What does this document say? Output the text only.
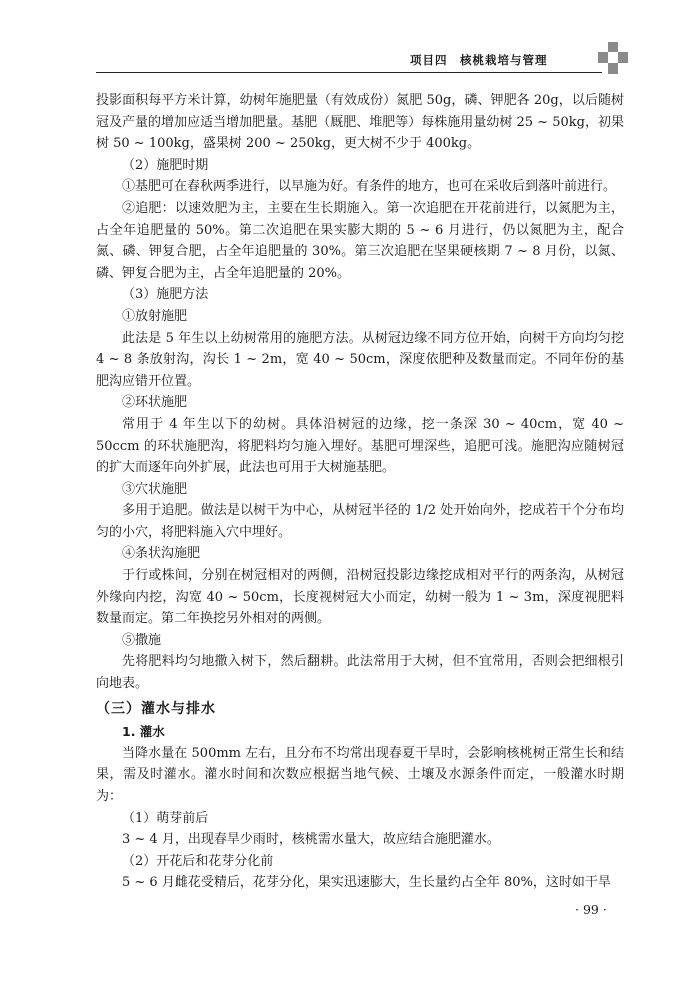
项目四　核桃栽培与管理

投影面积每平方米计算，幼树年施肥量（有效成份）氮肥 50g，磷、钾肥各 20g，以后随树冠及产量的增加应适当增加肥量。基肥（厩肥、堆肥等）每株施用量幼树 25 ~ 50kg，初果树 50 ~ 100kg，盛果树 200 ~ 250kg，更大树不少于 400kg。

（2）施肥时期

①基肥可在春秋两季进行，以早施为好。有条件的地方，也可在采收后到落叶前进行。

②追肥：以速效肥为主，主要在生长期施入。第一次追肥在开花前进行，以氮肥为主，占全年追肥量的 50%。第二次追肥在果实膨大期的 5 ~ 6 月进行，仍以氮肥为主，配合氮、磷、钾复合肥，占全年追肥量的 30%。第三次追肥在坚果硬核期 7 ~ 8 月份，以氮、磷、钾复合肥为主，占全年追肥量的 20%。

（3）施肥方法

①放射施肥

此法是 5 年生以上幼树常用的施肥方法。从树冠边缘不同方位开始，向树干方向均匀挖 4 ~ 8 条放射沟，沟长 1 ~ 2m，宽 40 ~ 50cm，深度依肥种及数量而定。不同年份的基肥沟应错开位置。

②环状施肥

常用于 4 年生以下的幼树。具体沿树冠的边缘，挖一条深 30 ~ 40cm，宽 40 ~ 50ccm 的环状施肥沟，将肥料均匀施入埋好。基肥可埋深些，追肥可浅。施肥沟应随树冠的扩大而逐年向外扩展，此法也可用于大树施基肥。

③穴状施肥

多用于追肥。做法是以树干为中心，从树冠半径的 1/2 处开始向外，挖成若干个分布均匀的小穴，将肥料施入穴中埋好。

④条状沟施肥

于行或株间，分别在树冠相对的两侧，沿树冠投影边缘挖成相对平行的两条沟，从树冠外缘向内挖，沟宽 40 ~ 50cm，长度视树冠大小而定，幼树一般为 1 ~ 3m，深度视肥料数量而定。第二年换挖另外相对的两侧。

⑤撒施

先将肥料均匀地撒入树下，然后翻耕。此法常用于大树，但不宜常用，否则会把细根引向地表。

（三）灌水与排水

1. 灌水

当降水量在 500mm 左右，且分布不均常出现春夏干旱时，会影响核桃树正常生长和结果，需及时灌水。灌水时间和次数应根据当地气候、土壤及水源条件而定，一般灌水时期为：

（1）萌芽前后

3 ~ 4 月，出现春旱少雨时，核桃需水量大，故应结合施肥灌水。

（2）开花后和花芽分化前

5 ~ 6 月雌花受精后，花芽分化，果实迅速膨大，生长量约占全年 80%，这时如干旱

· 99 ·
